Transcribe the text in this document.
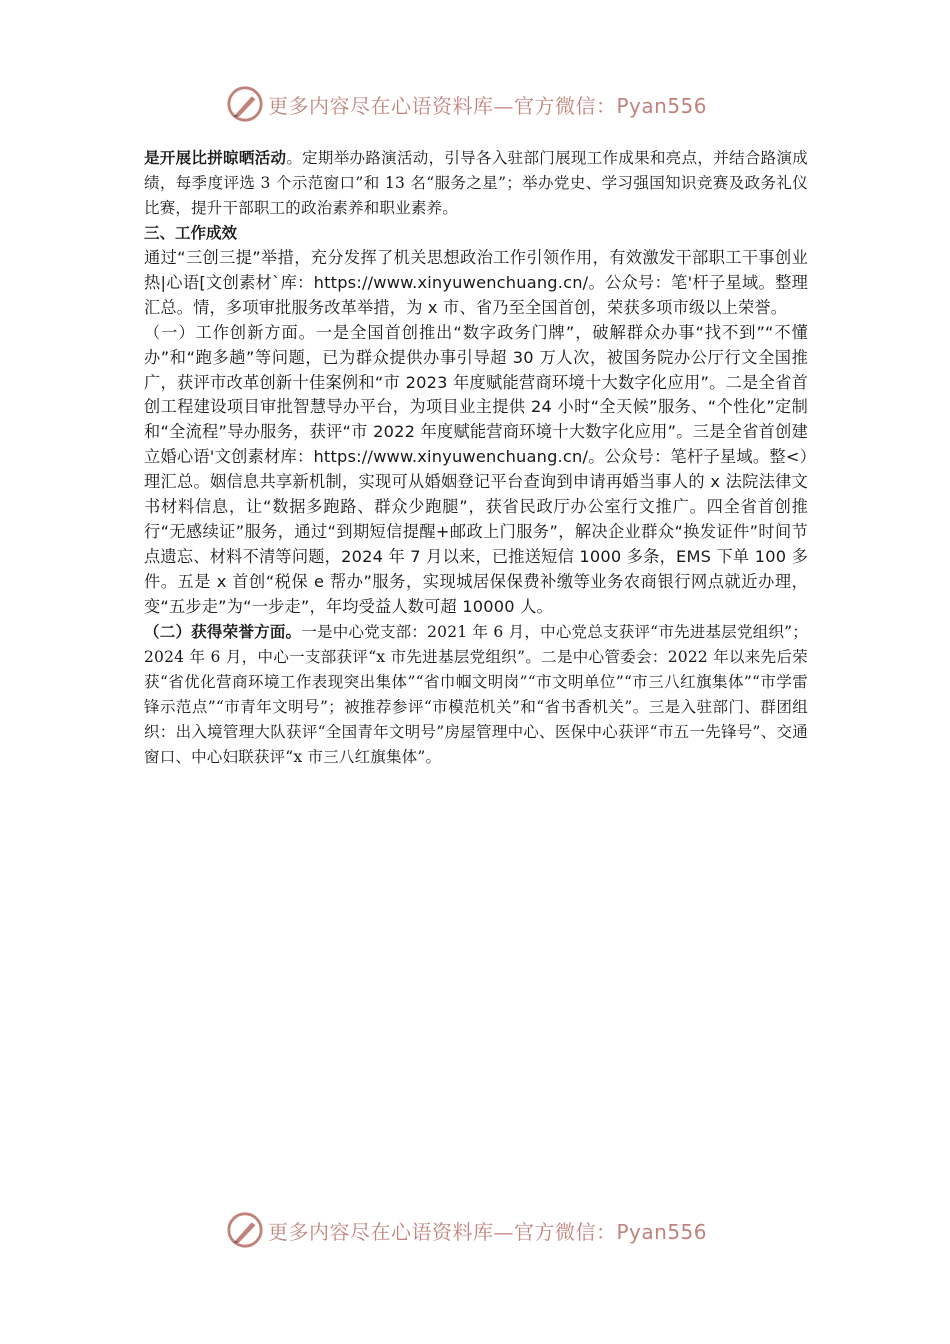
更多内容尽在心语资料库—官方微信：Pyan556

是开展比拼晾晒活动。定期举办路演活动，引导各入驻部门展现工作成果和亮点，并结合路演成绩，每季度评选 3 个示范窗口”和 13 名“服务之星”；举办党史、学习强国知识竞赛及政务礼仪比赛，提升干部职工的政治素养和职业素养。

三、工作成效

通过“三创三提”举措，充分发挥了机关思想政治工作引领作用，有效激发干部职工干事创业热|心语[文创素材`库：https://www.xinyuwenchuang.cn/。公众号：笔'杆子星域。整理汇总。情，多项审批服务改革举措，为 x 市、省乃至全国首创，荣获多项市级以上荣誉。

（一）工作创新方面。一是全国首创推出“数字政务门牌”，破解群众办事“找不到”“不懂办”和“跑多趟”等问题，已为群众提供办事引导超 30 万人次，被国务院办公厅行文全国推广，获评市改革创新十佳案例和“市 2023 年度赋能营商环境十大数字化应用”。二是全省首创工程建设项目审批智慧导办平台，为项目业主提供 24 小时“全天候”服务、“个性化”定制和“全流程”导办服务，获评“市 2022 年度赋能营商环境十大数字化应用”。三是全省首创建立婚心语'文创素材库：https://www.xinyuwenchuang.cn/。公众号：笔杆子星域。整<）理汇总。姻信息共享新机制，实现可从婚姻登记平台查询到申请再婚当事人的 x 法院法律文书材料信息，让“数据多跑路、群众少跑腿”，获省民政厅办公室行文推广。四全省首创推行“无感续证”服务，通过“到期短信提醒+邮政上门服务”，解决企业群众“换发证件”时间节点遗忘、材料不清等问题，2024 年 7 月以来，已推送短信 1000 多条，EMS 下单 100 多件。五是 x 首创“税保 e 帮办”服务，实现城居保保费补缴等业务农商银行网点就近办理，变“五步走”为“一步走”，年均受益人数可超 10000 人。

（二）获得荣誉方面。一是中心党支部：2021 年 6 月，中心党总支获评“市先进基层党组织”；2024 年 6 月，中心一支部获评“x 市先进基层党组织”。二是中心管委会：2022 年以来先后荣获“省优化营商环境工作表现突出集体”“省巾帼文明岗”“市文明单位”“市三八红旗集体”“市学雷锋示范点”“市青年文明号”；被推荐参评“市模范机关”和“省书香机关”。三是入驻部门、群团组织：出入境管理大队获评“全国青年文明号”房屋管理中心、医保中心获评“市五一先锋号”、交通窗口、中心妇联获评“x 市三八红旗集体”。

更多内容尽在心语资料库—官方微信：Pyan556
